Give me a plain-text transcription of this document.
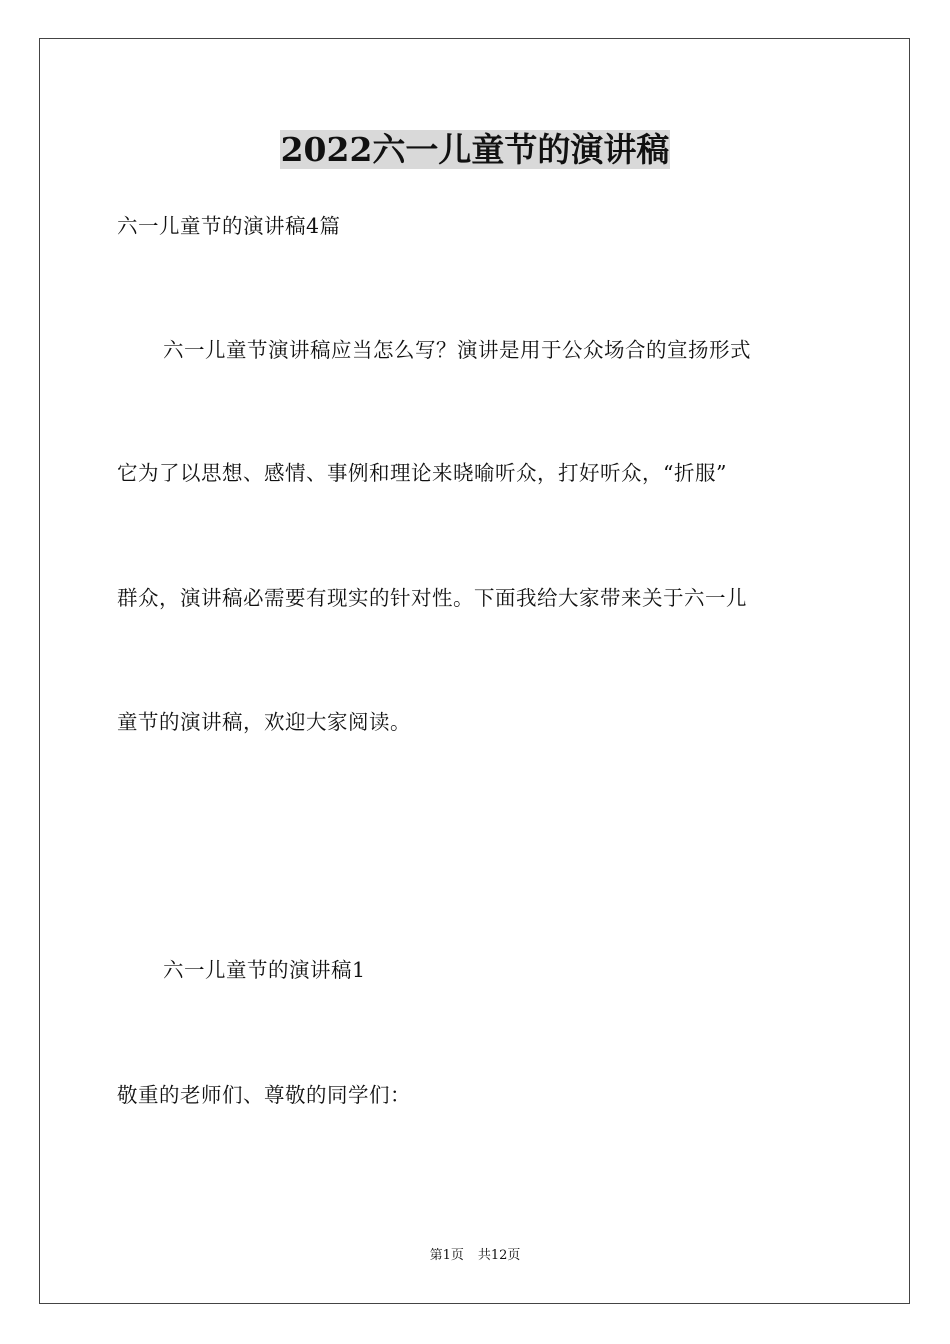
2022六一儿童节的演讲稿
六一儿童节的演讲稿4篇
六一儿童节演讲稿应当怎么写？演讲是用于公众场合的宣扬形式
它为了以思想、感情、事例和理论来晓喻听众，打好听众，“折服”
群众，演讲稿必需要有现实的针对性。下面我给大家带来关于六一儿
童节的演讲稿，欢迎大家阅读。
六一儿童节的演讲稿1
敬重的老师们、尊敬的同学们：
第1页 共12页
